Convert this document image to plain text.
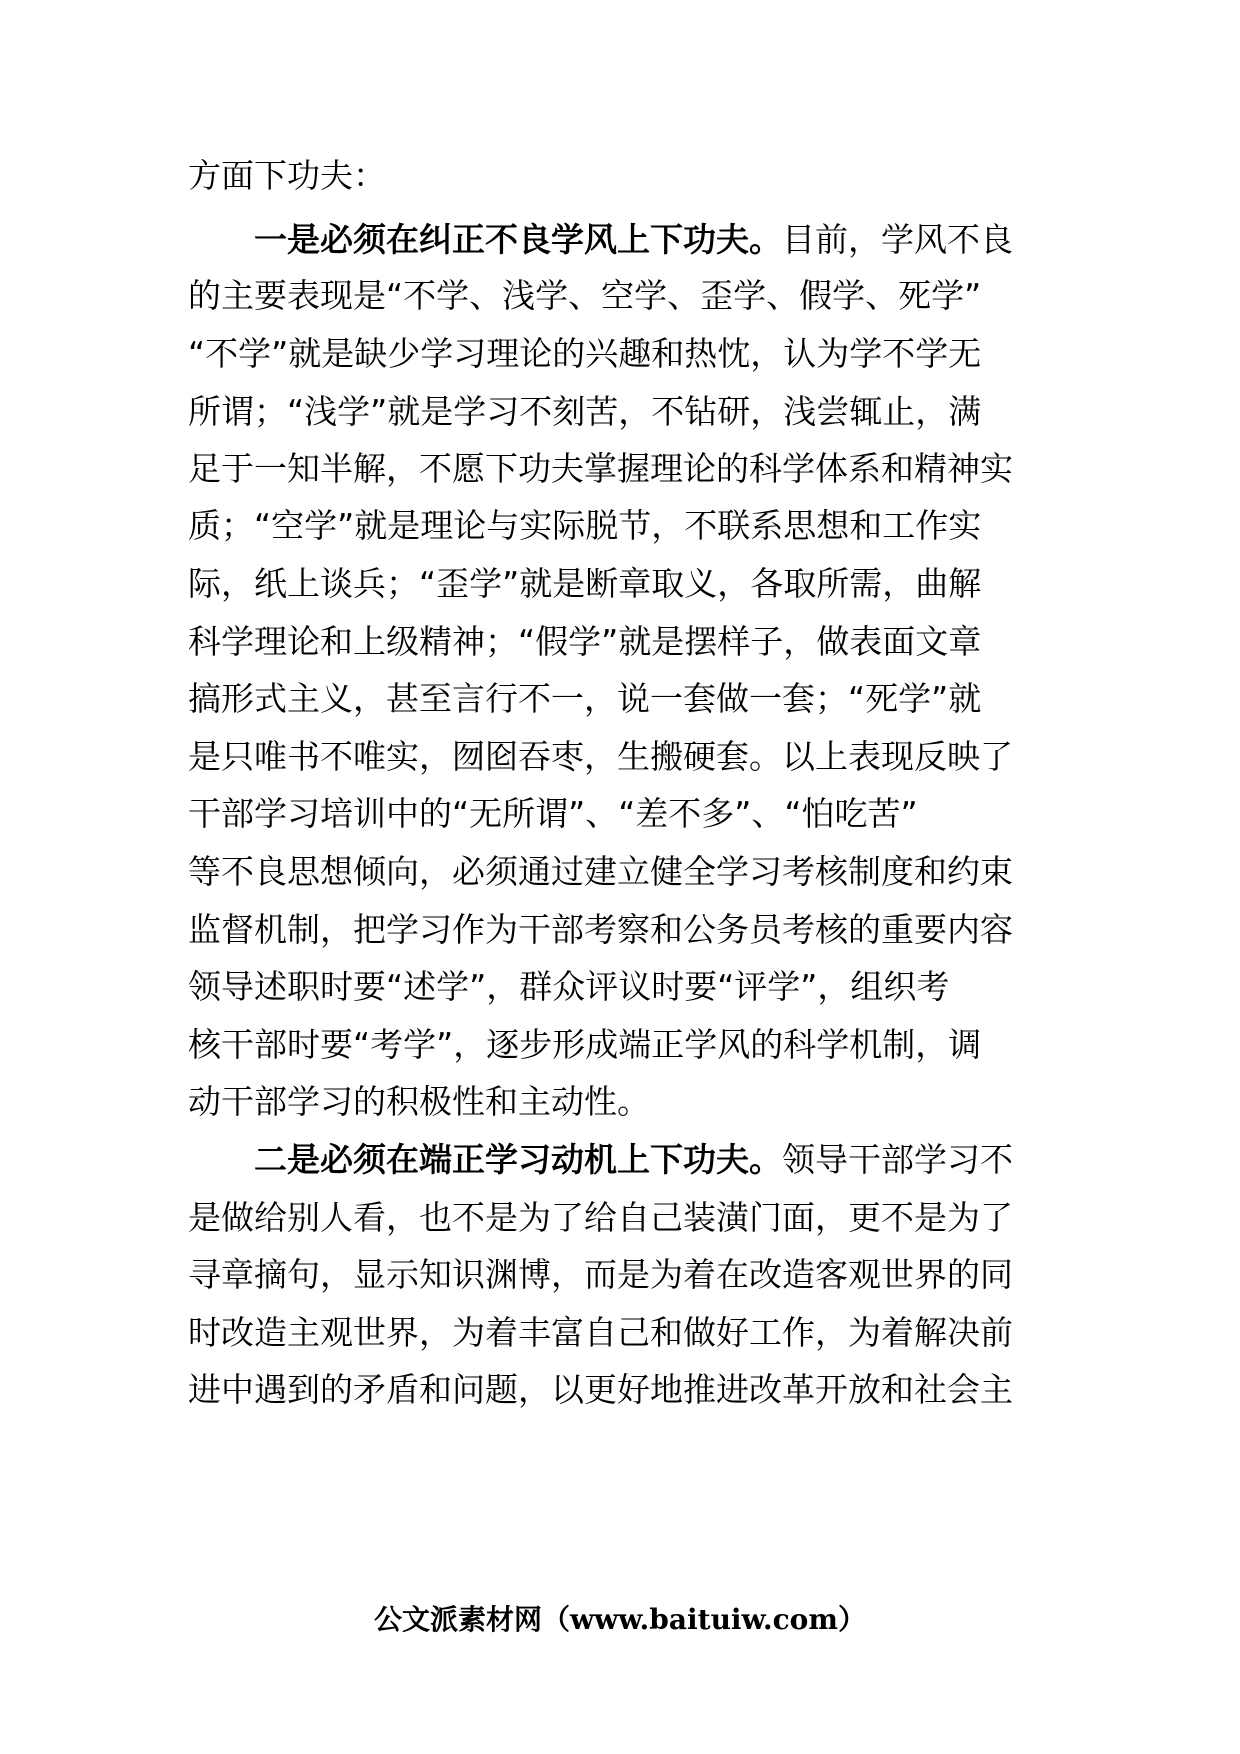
方面下功夫：
一是必须在纠正不良学风上下功夫。目前，学风不良
的主要表现是“不学、浅学、空学、歪学、假学、死学”
“不学”就是缺少学习理论的兴趣和热忱，认为学不学无
所谓；“浅学”就是学习不刻苦，不钻研，浅尝辄止，满
足于一知半解，不愿下功夫掌握理论的科学体系和精神实
质；“空学”就是理论与实际脱节，不联系思想和工作实
际，纸上谈兵；“歪学”就是断章取义，各取所需，曲解
科学理论和上级精神；“假学”就是摆样子，做表面文章
搞形式主义，甚至言行不一，说一套做一套；“死学”就
是只唯书不唯实，囫囵吞枣，生搬硬套。以上表现反映了
干部学习培训中的“无所谓”、“差不多”、“怕吃苦”
等不良思想倾向，必须通过建立健全学习考核制度和约束
监督机制，把学习作为干部考察和公务员考核的重要内容
领导述职时要“述学”，群众评议时要“评学”，组织考
核干部时要“考学”，逐步形成端正学风的科学机制，调
动干部学习的积极性和主动性。
二是必须在端正学习动机上下功夫。领导干部学习不
是做给别人看，也不是为了给自己装潢门面，更不是为了
寻章摘句，显示知识渊博，而是为着在改造客观世界的同
时改造主观世界，为着丰富自己和做好工作，为着解决前
进中遇到的矛盾和问题，以更好地推进改革开放和社会主
公文派素材网（www.baituiw.com）
